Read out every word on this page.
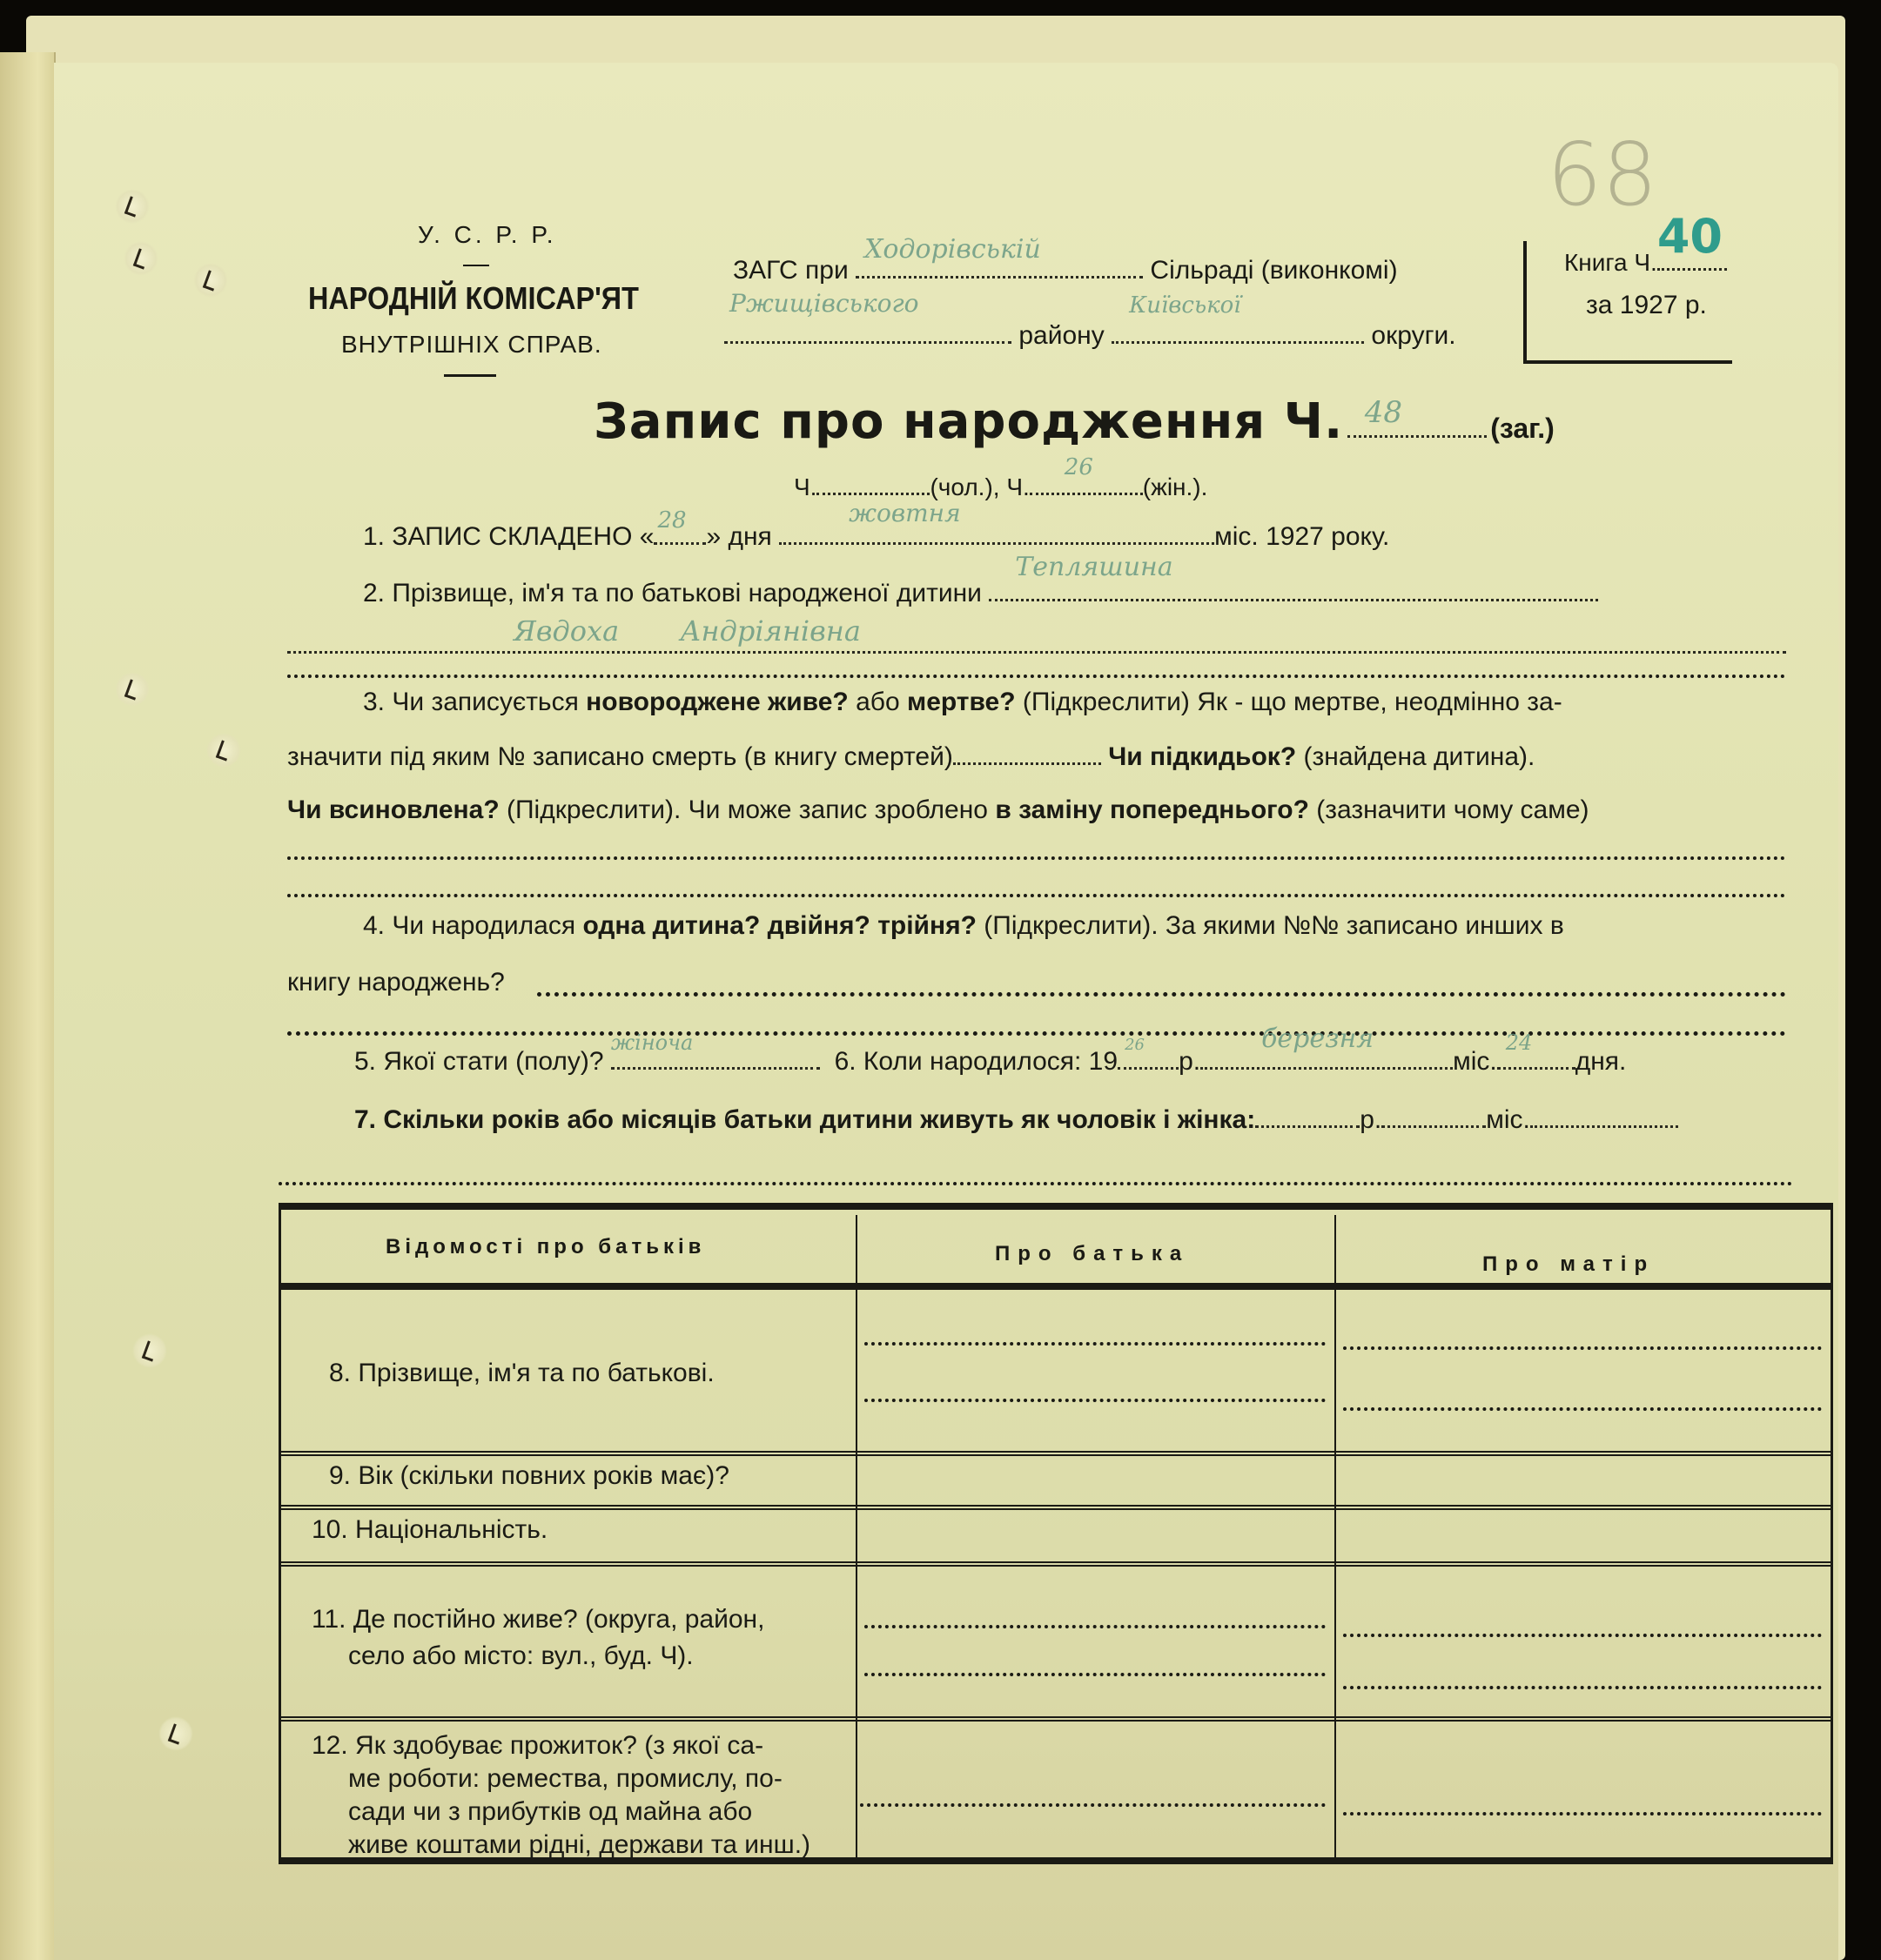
У. С. Р. Р.
НАРОДНІЙ КОМІСАР'ЯТ
ВНУТРІШНІХ СПРАВ.
ЗАГС при
Ходорівській
Сільраді (виконкомі)
Ржищівського
району
Київської
округи.
68
Книга Ч. 40
за 1927 р.
Запис про народження Ч. 48	(заг.)
Ч.	(чол.), Ч.
26
(жін.).
1. ЗАПИС СКЛАДЕНО «
28
» дня
жовтня
міс. 1927 року.
2. Прізвище, ім'я та по батькові народженої дитини
Тепляшина
Явдоха Андріянівна
3. Чи записується новороджене живе? або мертве? (Підкреслити) Як - що мертве, неодмінно за-
значити під яким № записано смерть (в книгу смертей)	Чи підкидьок? (знайдена дитина).
Чи всиновлена? (Підкреслити). Чи може запис зроблено в заміну попереднього? (зазначити чому саме)
4. Чи народилася одна дитина? двійня? трійня? (Підкреслити). За якими №№ записано инших в
книгу народжень?
5. Якої стати (полу)?
жіноча
6. Коли народилося: 19
26
р.
березня
міс.
24
дня.
7. Скільки років або місяців батьки дитини живуть як чоловік і жінка:	р.	міс.
Відомості про батьків	Про батька	Про матір
8. Прізвище, ім'я та по батькові.
9. Вік (скільки повних років має)?
10. Національність.
11. Де постійно живе? (округа, район,
село або місто: вул., буд. Ч).
12. Як здобуває прожиток? (з якої са-
ме роботи: ремества, промислу, по-
сади чи з прибутків од майна або
живе коштами рідні, держави та инш.)
